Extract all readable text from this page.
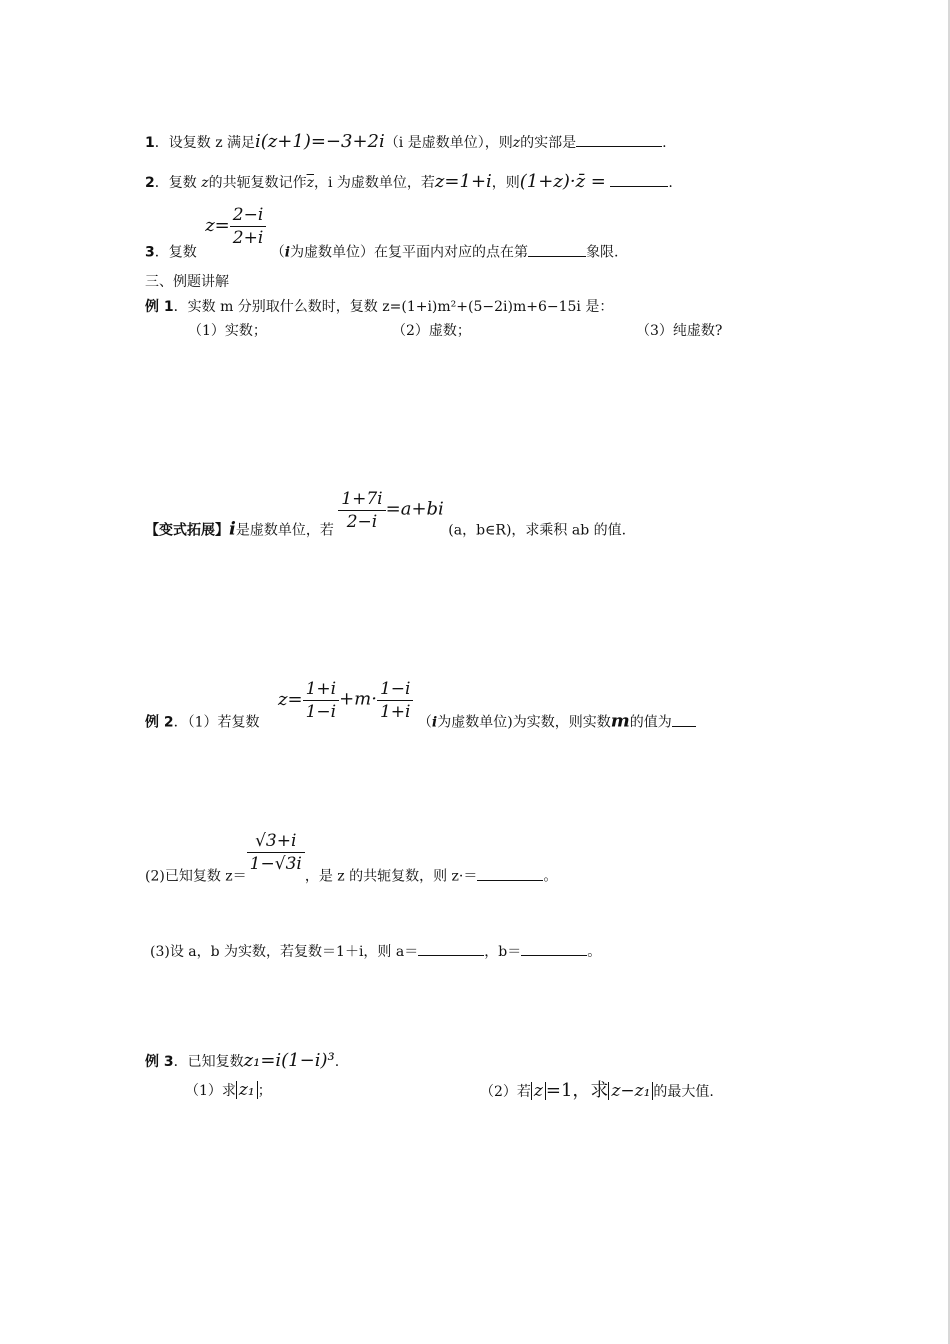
1．设复数 z 满足i(z+1)=−3+2i（i 是虚数单位），则z的实部是	.
2．复数 z的共轭复数记作$\overline{z}$，i 为虚数单位，若z=1+i，则(1+z)·z̄ =	.
3．复数 $z= \frac{2-i}{2+i}$
（i为虚数单位）在复平面内对应的点在第	象限.
三、例题讲解
例 1．实数 m 分别取什么数时，复数 z=(1+i)m²+(5−2i)m+6−15i 是：
（1）实数；	（2）虚数；	（3）纯虚数?
【变式拓展】i是虚数单位，若 $\frac{1+7i}{2-i} =a+bi$ (a，b∈R)，求乘积 ab 的值.
例 2．（1）若复数 $z= \frac{1+i}{1-i} +m\cdot \frac{1-i}{1+i} (i$为虚数单位)为实数，则实数m的值为
(2)已知复数 z＝
$\frac{√3+i}{1-√3i}$
，是 z 的共轭复数，则 z·＝	。
(3)设 a，b 为实数，若复数＝1＋i，则 a＝	，b＝	。
例 3．已知复数z₁=i(1−i)³.
（1）求 z₁ ；	（2）若 z =1，求 z−z₁ 的最大值.
